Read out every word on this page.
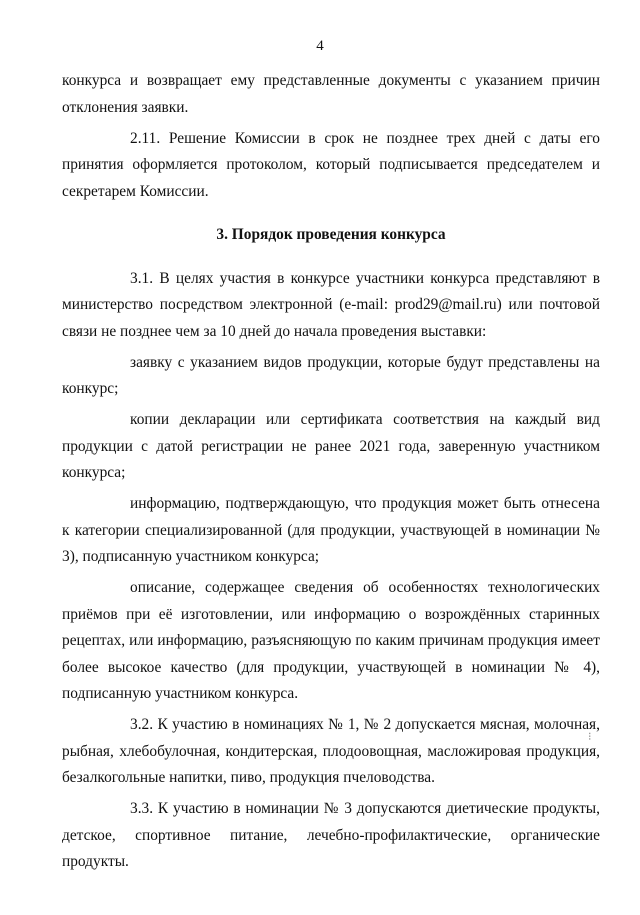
4

конкурса и возвращает ему представленные документы с указанием причин отклонения заявки.

2.11. Решение Комиссии в срок не позднее трех дней с даты его принятия оформляется протоколом, который подписывается председателем и секретарем Комиссии.

3. Порядок проведения конкурса

3.1. В целях участия в конкурсе участники конкурса представляют в министерство посредством электронной (e-mail: prod29@mail.ru) или почтовой связи не позднее чем за 10 дней до начала проведения выставки:

заявку с указанием видов продукции, которые будут представлены на конкурс;

копии декларации или сертификата соответствия на каждый вид продукции с датой регистрации не ранее 2021 года, заверенную участником конкурса;

информацию, подтверждающую, что продукция может быть отнесена к категории специализированной (для продукции, участвующей в номинации № 3), подписанную участником конкурса;

описание, содержащее сведения об особенностях технологических приёмов при её изготовлении, или информацию о возрождённых старинных рецептах, или информацию, разъясняющую по каким причинам продукция имеет более высокое качество (для продукции, участвующей в номинации № 4), подписанную участником конкурса.

3.2. К участию в номинациях № 1, № 2 допускается мясная, молочная, рыбная, хлебобулочная, кондитерская, плодоовощная, масложировая продукция, безалкогольные напитки, пиво, продукция пчеловодства.

3.3. К участию в номинации № 3 допускаются диетические продукты, детское, спортивное питание, лечебно-профилактические, органические продукты.

⁝
